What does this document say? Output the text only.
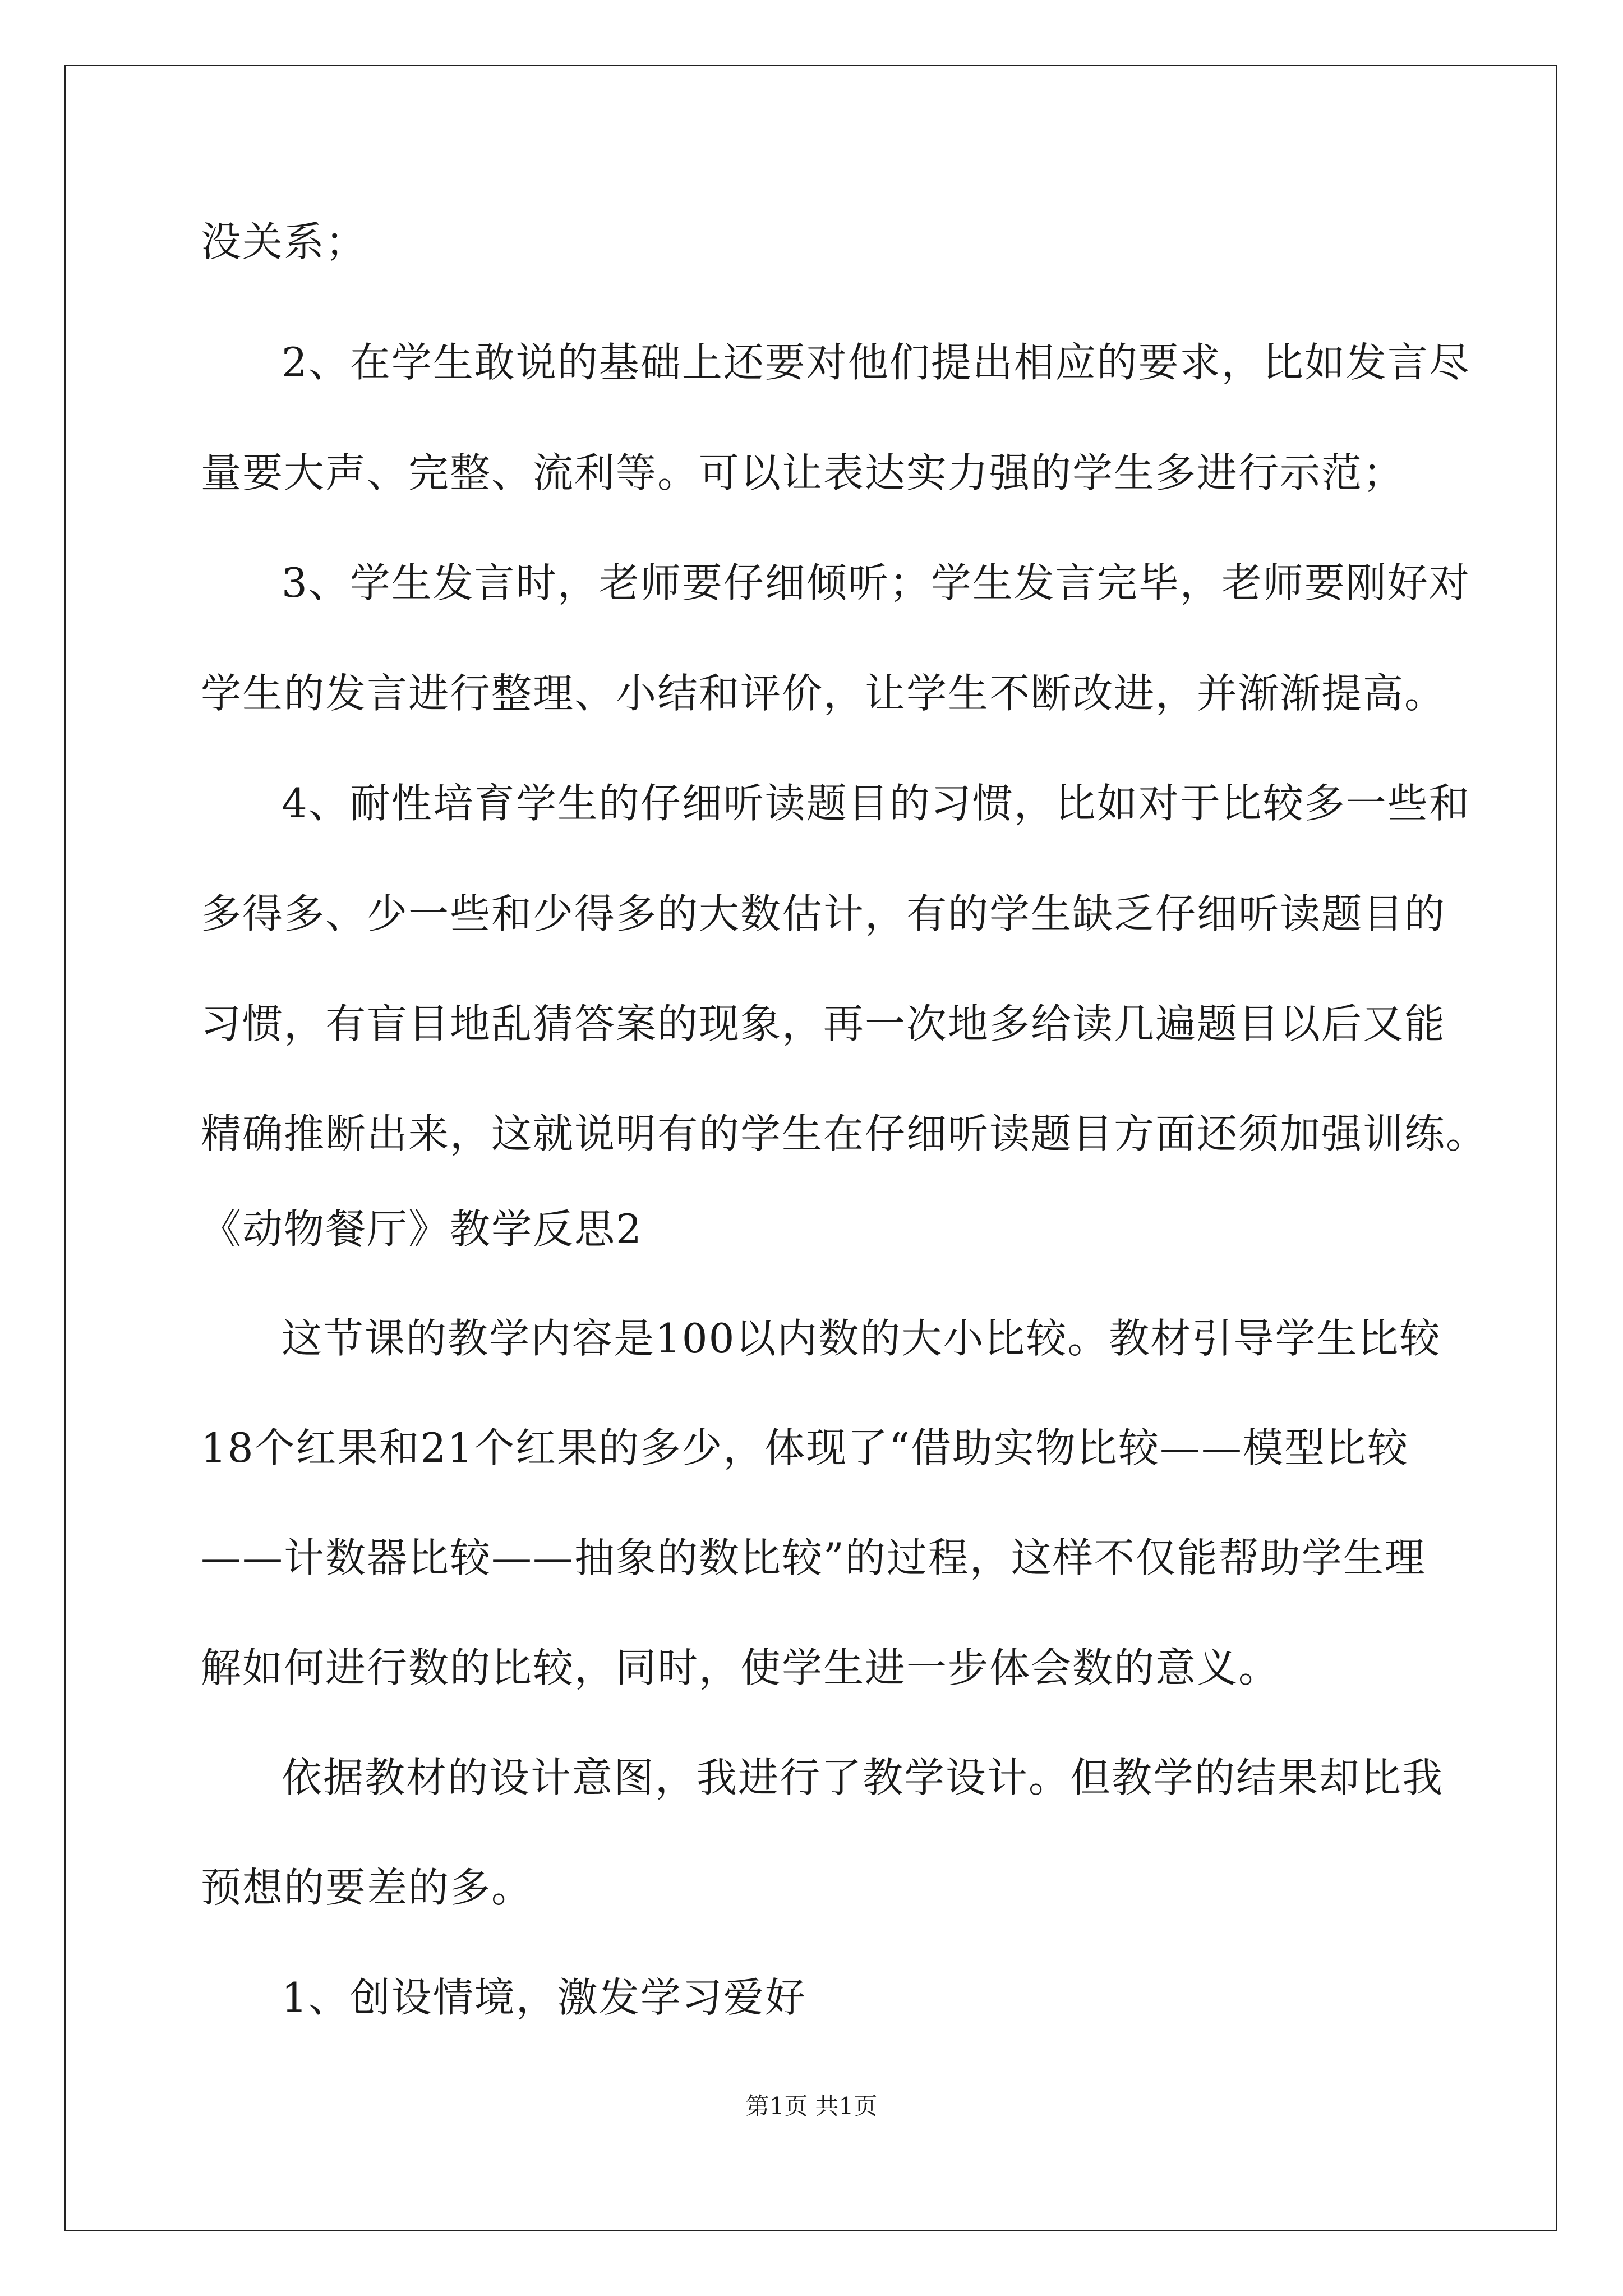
没关系；
2、在学生敢说的基础上还要对他们提出相应的要求，比如发言尽
量要大声、完整、流利等。可以让表达实力强的学生多进行示范；
3、学生发言时，老师要仔细倾听；学生发言完毕，老师要刚好对
学生的发言进行整理、小结和评价，让学生不断改进，并渐渐提高。
4、耐性培育学生的仔细听读题目的习惯，比如对于比较多一些和
多得多、少一些和少得多的大数估计，有的学生缺乏仔细听读题目的
习惯，有盲目地乱猜答案的现象，再一次地多给读几遍题目以后又能
精确推断出来，这就说明有的学生在仔细听读题目方面还须加强训练。
《动物餐厅》教学反思2
这节课的教学内容是100以内数的大小比较。教材引导学生比较
18个红果和21个红果的多少，体现了“借助实物比较——模型比较
——计数器比较——抽象的数比较”的过程，这样不仅能帮助学生理
解如何进行数的比较，同时，使学生进一步体会数的意义。
依据教材的设计意图，我进行了教学设计。但教学的结果却比我
预想的要差的多。
1、创设情境，激发学习爱好
第1页 共1页
